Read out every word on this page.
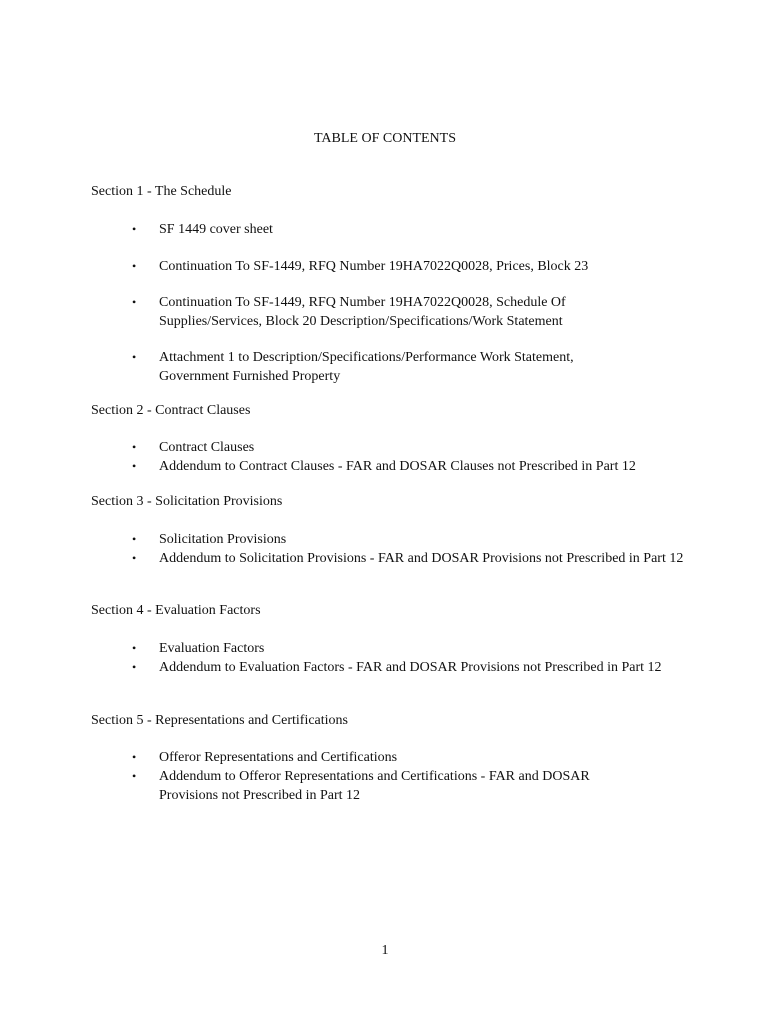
TABLE OF CONTENTS
Section 1 - The Schedule
•	SF 1449 cover sheet
•	Continuation To SF-1449, RFQ Number 19HA7022Q0028, Prices, Block 23
•	Continuation To SF-1449, RFQ Number 19HA7022Q0028, Schedule Of Supplies/Services, Block 20 Description/Specifications/Work Statement
•	Attachment 1 to Description/Specifications/Performance Work Statement, Government Furnished Property
Section 2 - Contract Clauses
•	Contract Clauses
•	Addendum to Contract Clauses - FAR and DOSAR Clauses not Prescribed in Part 12
Section 3 - Solicitation Provisions
•	Solicitation Provisions
•	Addendum to Solicitation Provisions - FAR and DOSAR Provisions not Prescribed in Part 12
Section 4 - Evaluation Factors
•	Evaluation Factors
•	Addendum to Evaluation Factors - FAR and DOSAR Provisions not Prescribed in Part 12
Section 5 - Representations and Certifications
•	Offeror Representations and Certifications
•	Addendum to Offeror Representations and Certifications - FAR and DOSAR Provisions not Prescribed in Part 12
1
